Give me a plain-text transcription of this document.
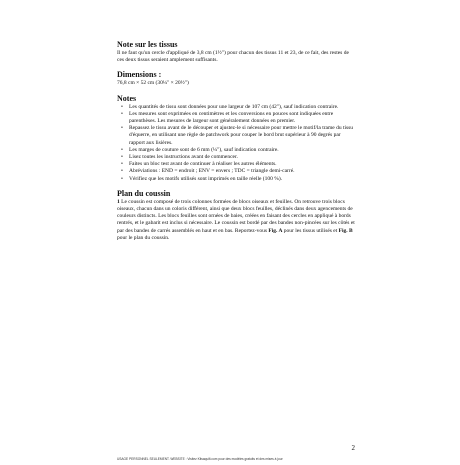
Note sur les tissus

Il ne faut qu'un cercle d'appliqué de 3,8 cm (1½") pour chacun des tissus 11 et 23, de ce fait, des restes de ces deux tissus seraient amplement suffisants.

Dimensions :

76,8 cm × 52 cm (30¼" × 20½")

Notes
• Les quantités de tissu sont données pour une largeur de 107 cm (42"), sauf indication contraire.
• Les mesures sont exprimées en centimètres et les conversions en pouces sont indiquées entre parenthèses. Les mesures de largeur sont généralement données en premier.
• Repassez le tissu avant de le découper et ajustez-le si nécessaire pour mettre le motif/la trame du tissu d'équerre, en utilisant une règle de patchwork pour couper le bord brut supérieur à 90 degrés par rapport aux lisières.
• Les marges de couture sont de 6 mm (¼"), sauf indication contraire.
• Lisez toutes les instructions avant de commencer.
• Faites un bloc test avant de continuer à réaliser les autres éléments.
• Abréviations : END = endroit ; ENV = envers ; TDC = triangle demi-carré.
• Vérifiez que les motifs utilisés sont imprimés en taille réelle (100 %).
Plan du coussin

1 Le coussin est composé de trois colonnes formées de blocs oiseaux et feuilles. On retrouve trois blocs oiseaux, chacun dans un coloris différent, ainsi que deux blocs feuilles, déclinés dans deux agencements de couleurs distincts. Les blocs feuilles sont ornées de baies, créées en faisant des cercles en appliqué à bords rentrés, et le gabarit est inclus si nécessaire. Le coussin est bordé par des bandes non-pincées sur les côtés et par des bandes de carrés assemblés en haut et en bas. Reportez-vous Fig. A pour les tissus utilisés et Fig. B pour le plan du coussin.

USAGE PERSONNEL SEULEMENT. WEBSITE : Visitez Kitsaquilt.com pour des modèles gratuits et des mises à jour
2
